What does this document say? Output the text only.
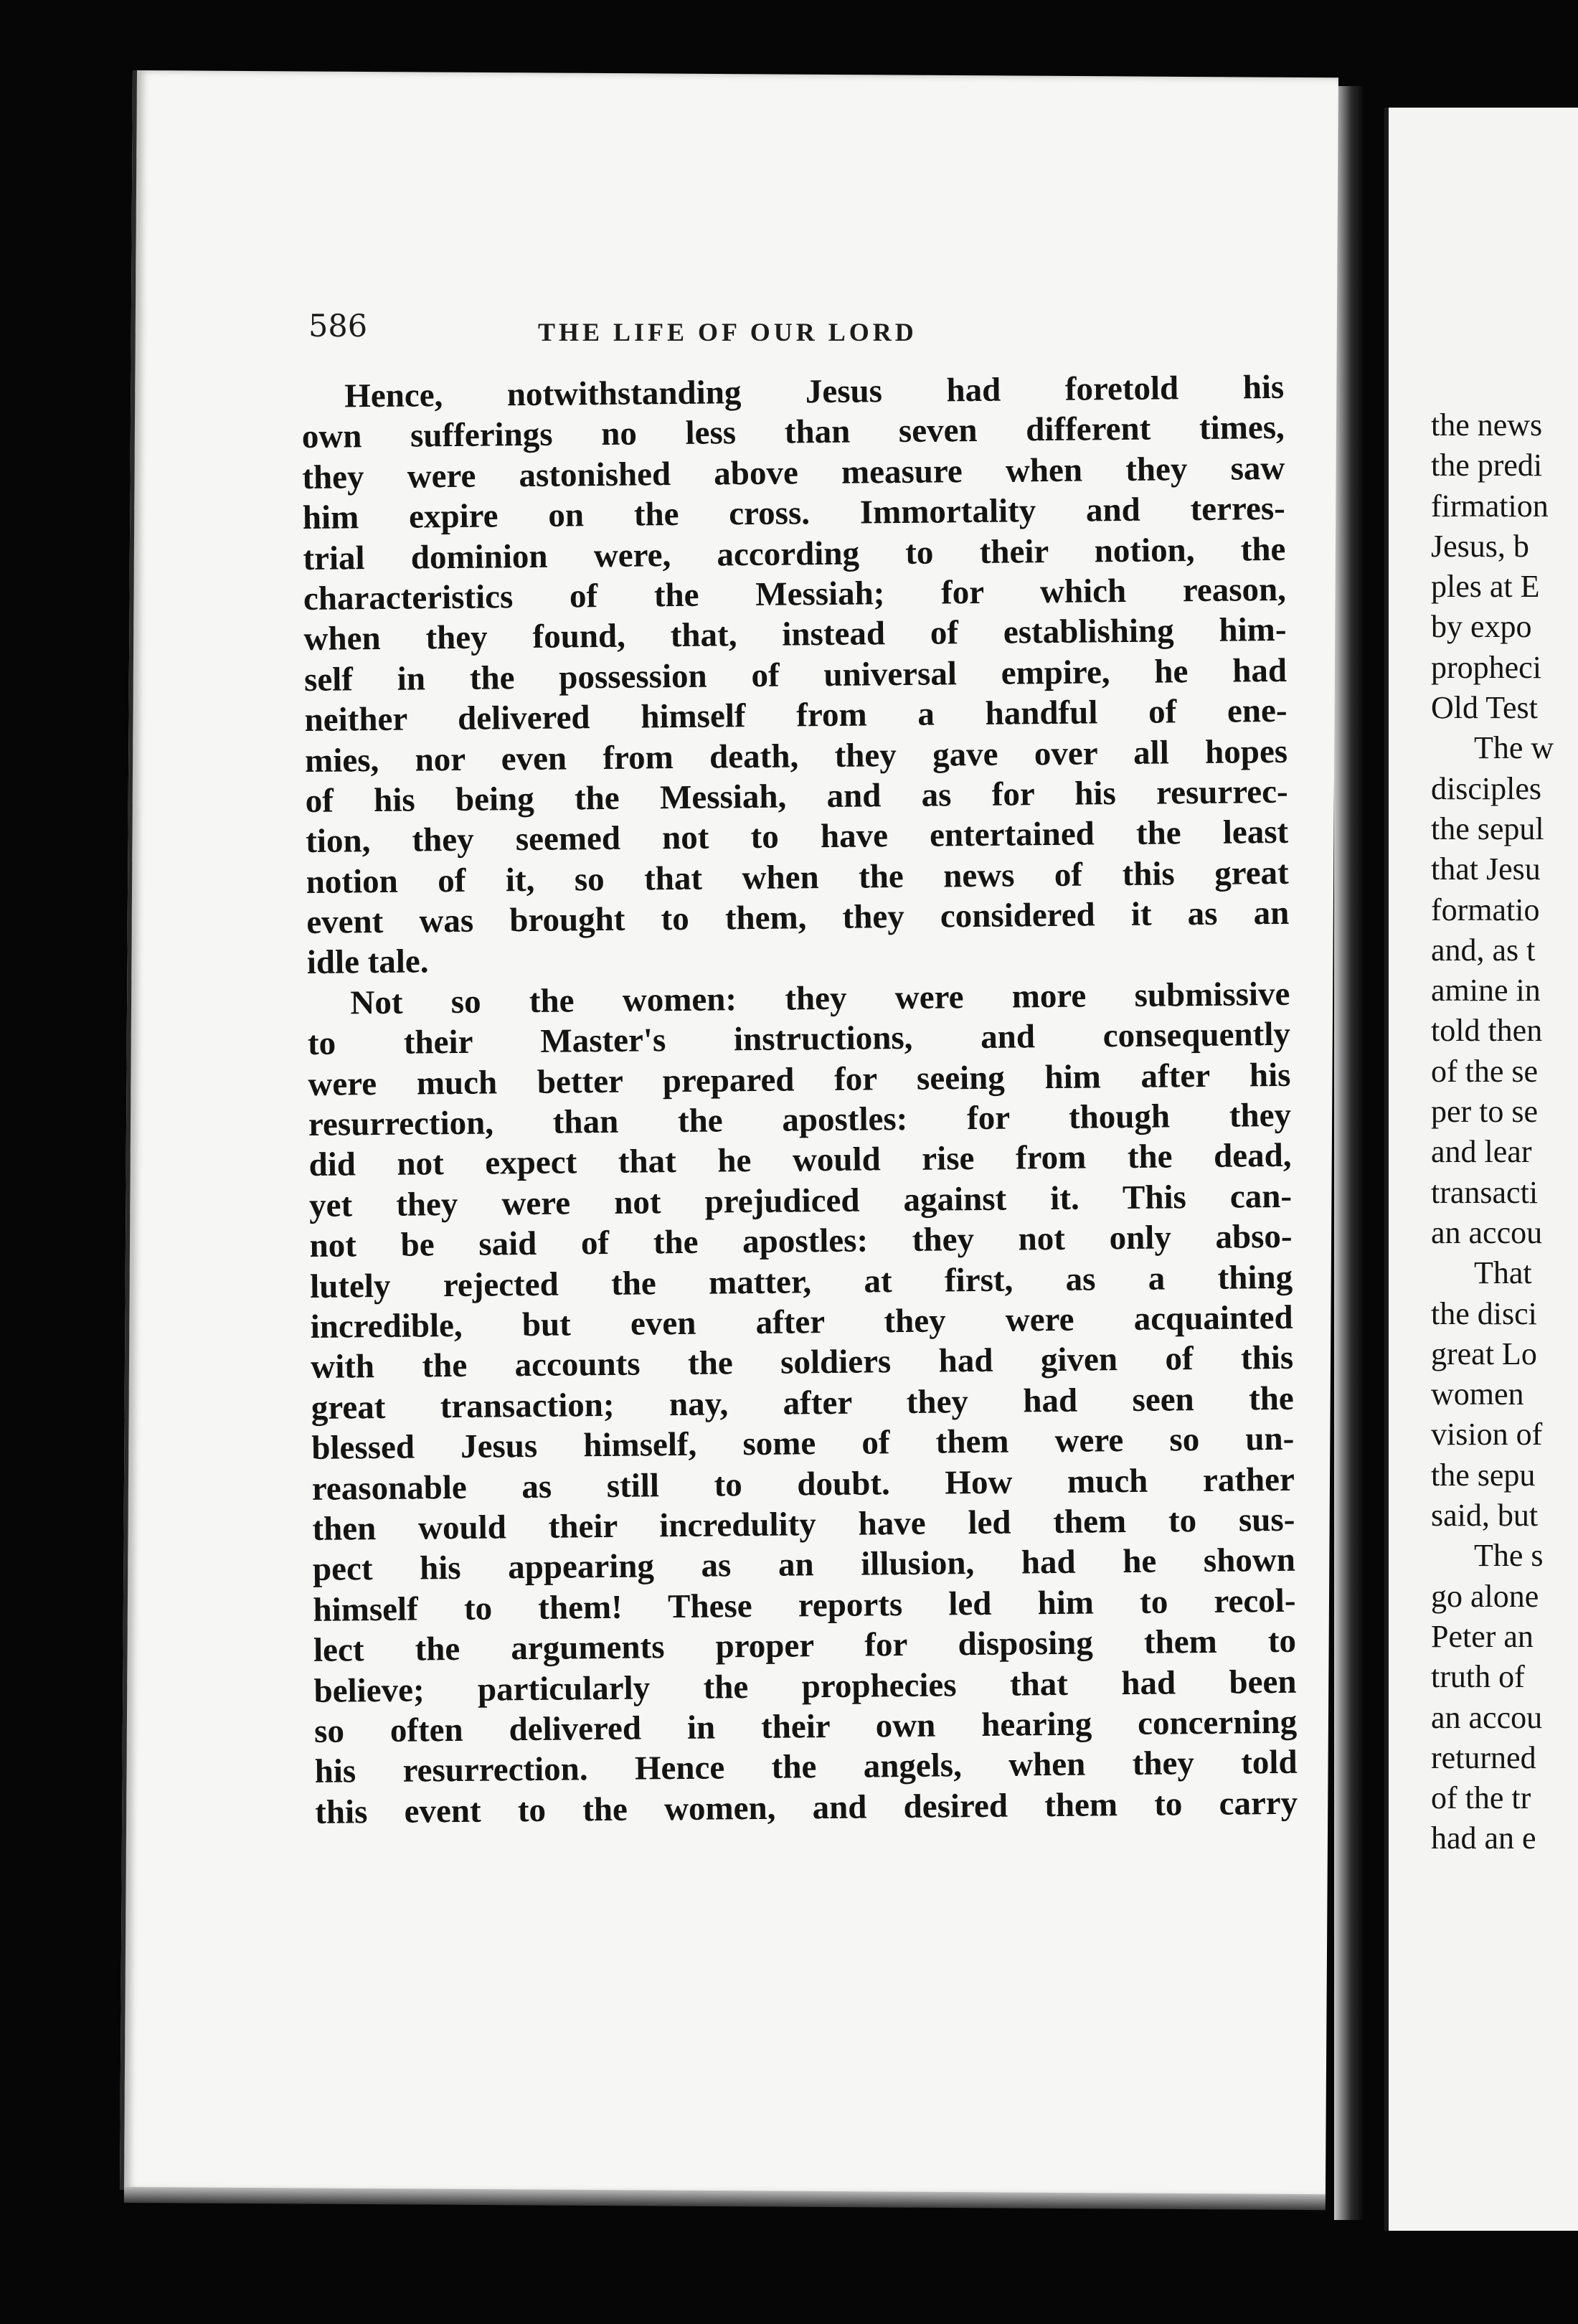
586	THE LIFE OF OUR LORD
Hence, notwithstanding Jesus had foretold his
own sufferings no less than seven different times,
they were astonished above measure when they saw
him expire on the cross. Immortality and terres-
trial dominion were, according to their notion, the
characteristics of the Messiah; for which reason,
when they found, that, instead of establishing him-
self in the possession of universal empire, he had
neither delivered himself from a handful of ene-
mies, nor even from death, they gave over all hopes
of his being the Messiah, and as for his resurrec-
tion, they seemed not to have entertained the least
notion of it, so that when the news of this great
event was brought to them, they considered it as an
idle tale.
Not so the women: they were more submissive
to their Master's instructions, and consequently
were much better prepared for seeing him after his
resurrection, than the apostles: for though they
did not expect that he would rise from the dead,
yet they were not prejudiced against it. This can-
not be said of the apostles: they not only abso-
lutely rejected the matter, at first, as a thing
incredible, but even after they were acquainted
with the accounts the soldiers had given of this
great transaction; nay, after they had seen the
blessed Jesus himself, some of them were so un-
reasonable as still to doubt. How much rather
then would their incredulity have led them to sus-
pect his appearing as an illusion, had he shown
himself to them! These reports led him to recol-
lect the arguments proper for disposing them to
believe; particularly the prophecies that had been
so often delivered in their own hearing concerning
his resurrection. Hence the angels, when they told
this event to the women, and desired them to carry
the news
the predi
firmation
Jesus, b
ples at E
by expo
propheci
Old Test
The w
disciples
the sepul
that Jesu
formatio
and, as t
amine in
told then
of the se
per to se
and lear
transacti
an accou
That
the disci
great Lo
women
vision of
the sepu
said, but
The s
go alone
Peter an
truth of
an accou
returned
of the tr
had an e
